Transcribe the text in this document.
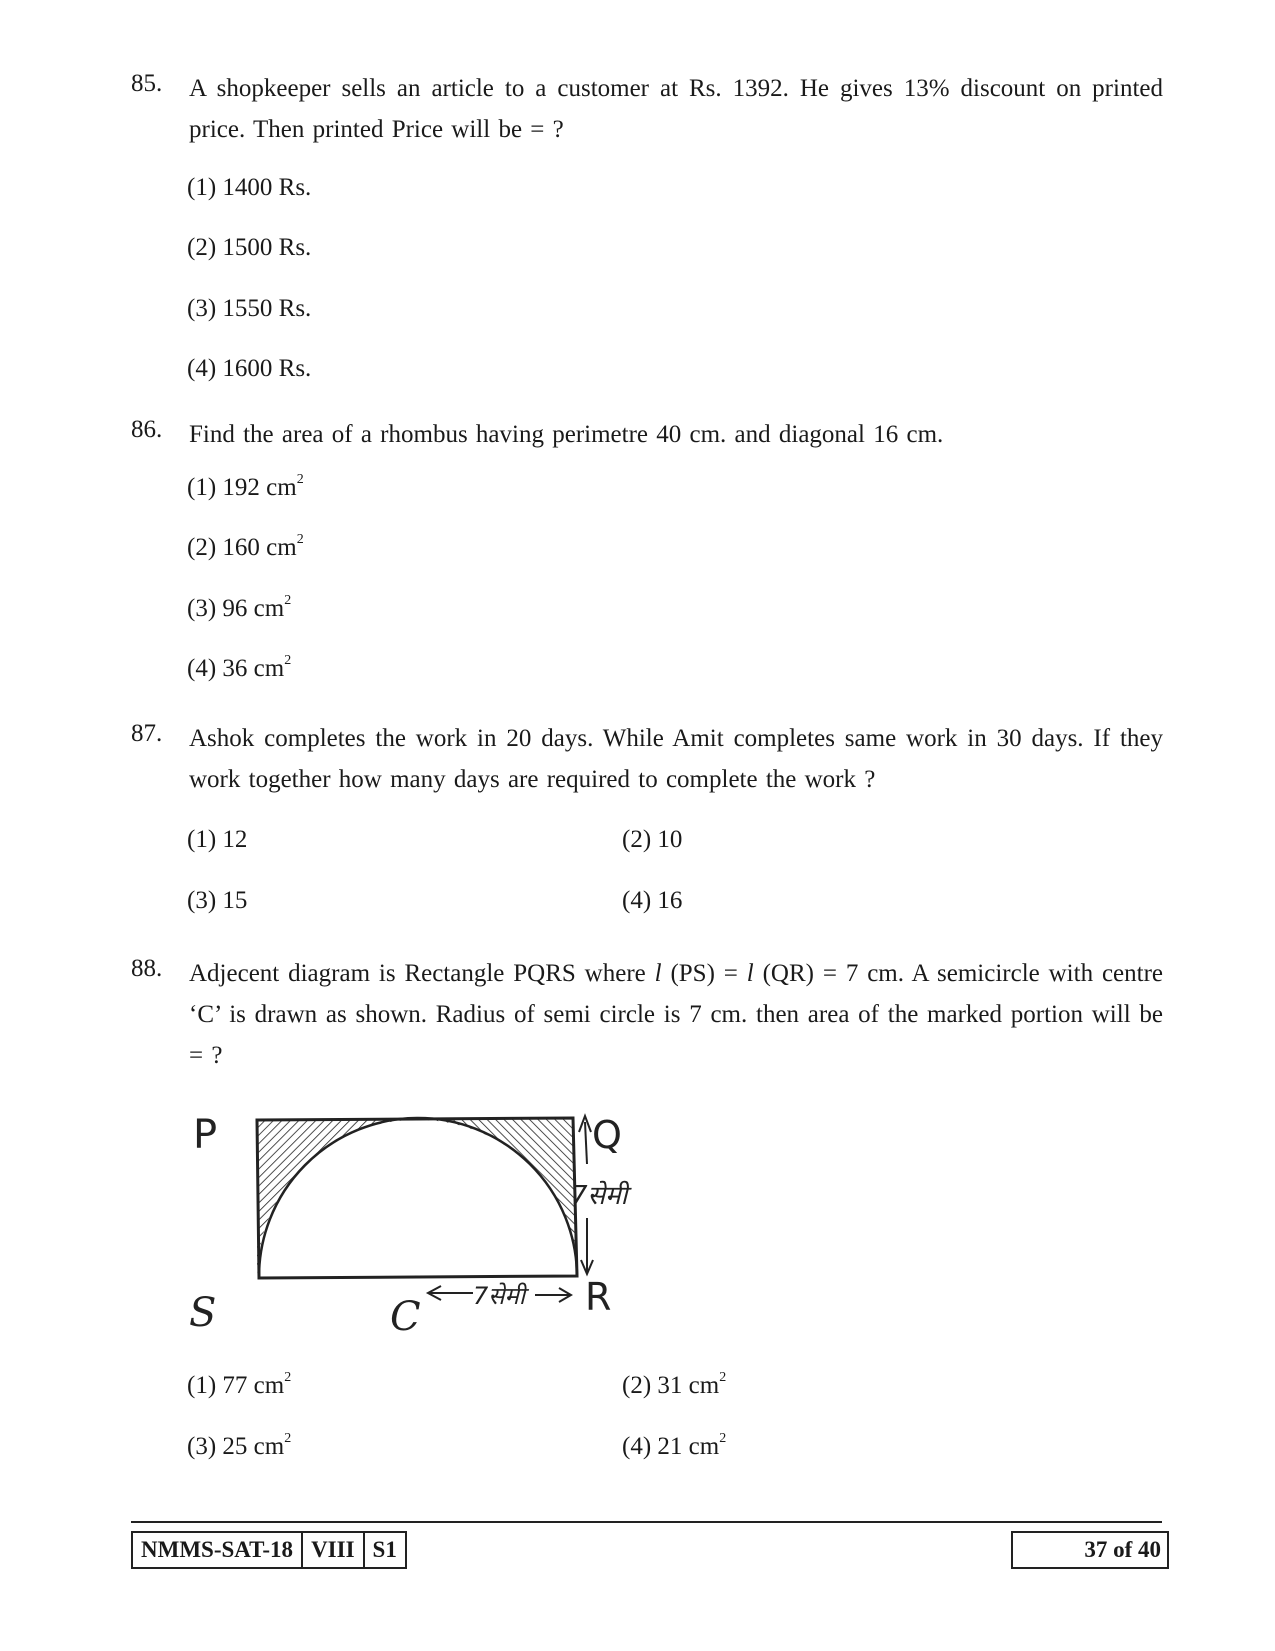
85. A shopkeeper sells an article to a customer at Rs. 1392. He gives 13% discount on printed price. Then printed Price will be = ?
(1) 1400 Rs.
(2) 1500 Rs.
(3) 1550 Rs.
(4) 1600 Rs.
86. Find the area of a rhombus having perimetre 40 cm. and diagonal 16 cm.
(1) 192 $cm^2$
(2) 160 $cm^2$
(3) 96 $cm^2$
(4) 36 $cm^2$
87. Ashok completes the work in 20 days. While Amit completes same work in 30 days. If they work together how many days are required to complete the work ?
(1) 12	(2) 10
(3) 15	(4) 16
88. Adjecent diagram is Rectangle PQRS where l (PS) = l (QR) = 7 cm. A semicircle with centre ‘C’ is drawn as shown. Radius of semi circle is 7 cm. then area of the marked portion will be = ?
P	Q
R
S	C
7सेमी
7सेमी
(1) 77 $cm^2$	(2) 31 $cm^2$
(3) 25 $cm^2$	(4) 21 $cm^2$
NMMS-SAT-18 VIII S1	37 of 40
